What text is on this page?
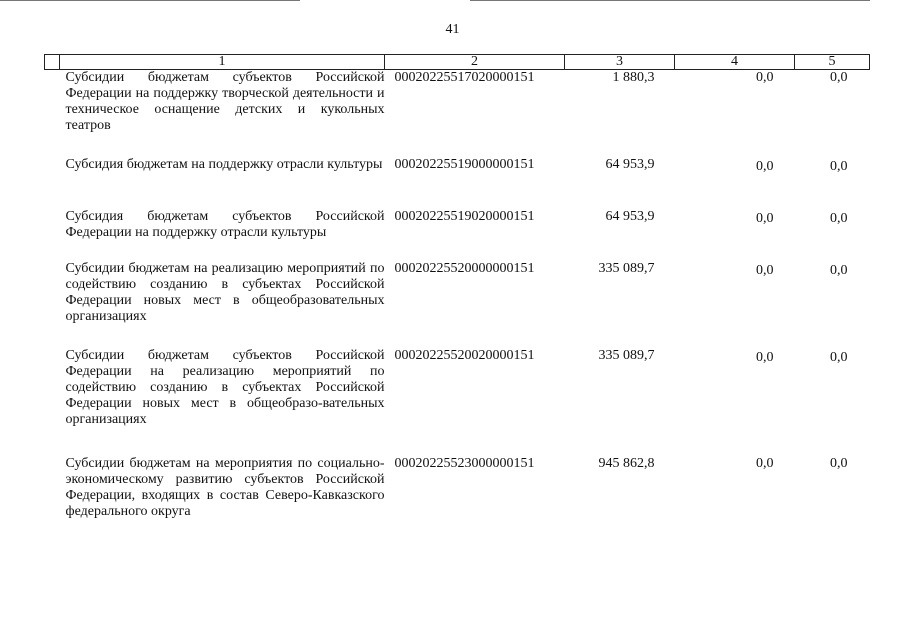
41
	1	2	3	4	5
	Субсидии бюджетам субъектов Российской Федерации на поддержку творческой деятельности и техническое оснащение детских и кукольных театров	00020225517020000151	1 880,3	0,0	0,0
	Субсидия бюджетам на поддержку отрасли культуры	00020225519000000151	64 953,9	0,0	0,0
	Субсидия бюджетам субъектов Российской Федерации на поддержку отрасли культуры	00020225519020000151	64 953,9	0,0	0,0
	Субсидии бюджетам на реализацию мероприятий по содействию созданию в субъектах Российской Федерации новых мест в общеобразовательных организациях	00020225520000000151	335 089,7	0,0	0,0
	Субсидии бюджетам субъектов Российской Федерации на реализацию мероприятий по содействию созданию в субъектах Российской Федерации новых мест в общеобразо-вательных организациях	00020225520020000151	335 089,7	0,0	0,0
	Субсидии бюджетам на мероприятия по социально-экономическому развитию субъектов Российской Федерации, входящих в состав Северо-Кавказского федерального округа	00020225523000000151	945 862,8	0,0	0,0
